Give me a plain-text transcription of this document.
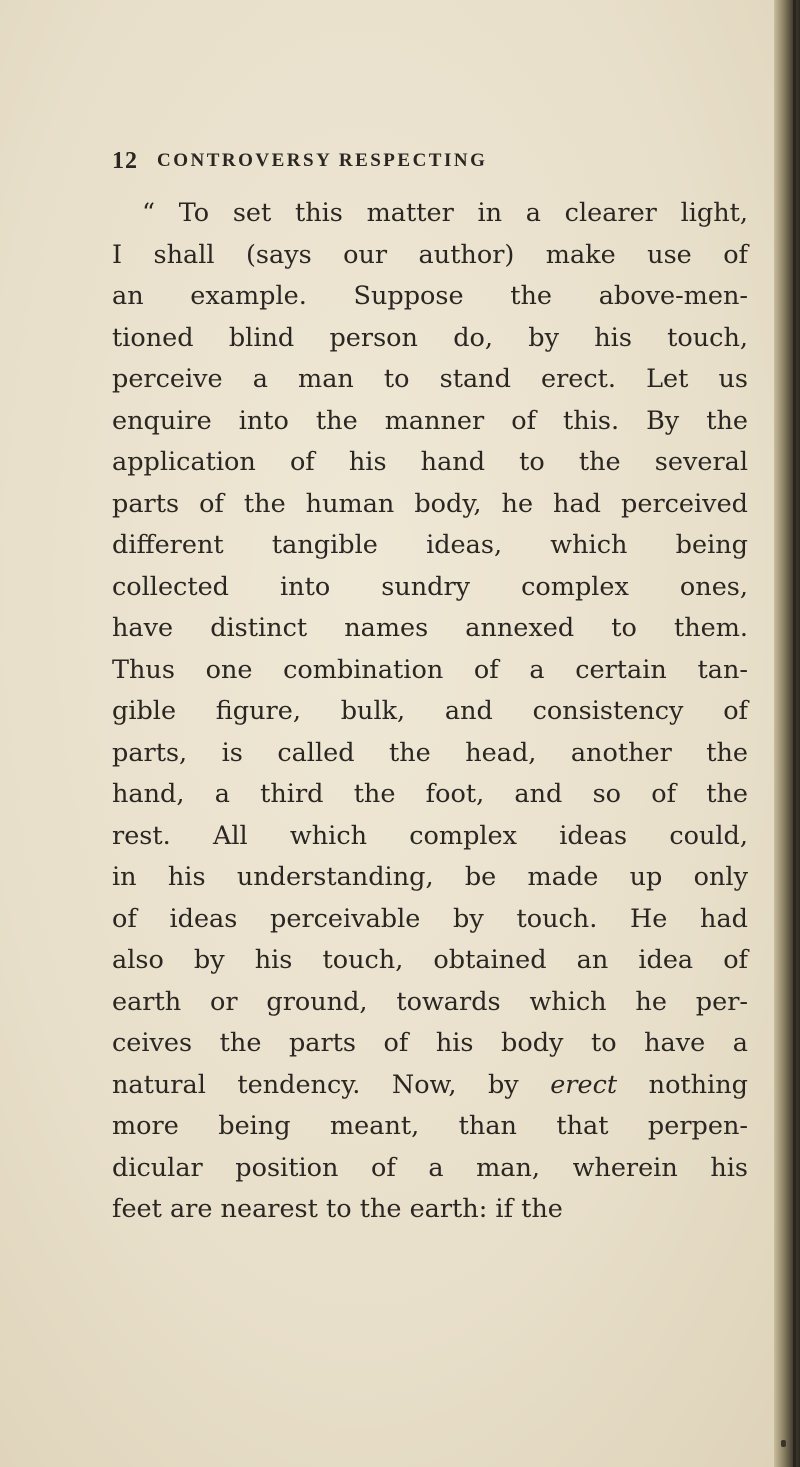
12 CONTROVERSY RESPECTING
“ To set this matter in a clearer light,
I shall (says our author) make use of
an example. Suppose the above-men-
tioned blind person do, by his touch,
perceive a man to stand erect. Let us
enquire into the manner of this. By the
application of his hand to the several
parts of the human body, he had perceived
different tangible ideas, which being
collected into sundry complex ones,
have distinct names annexed to them.
Thus one combination of a certain tan-
gible figure, bulk, and consistency of
parts, is called the head, another the
hand, a third the foot, and so of the
rest. All which complex ideas could,
in his understanding, be made up only
of ideas perceivable by touch. He had
also by his touch, obtained an idea of
earth or ground, towards which he per-
ceives the parts of his body to have a
natural tendency. Now, by erect nothing
more being meant, than that perpen-
dicular position of a man, wherein his
feet are nearest to the earth: if the
